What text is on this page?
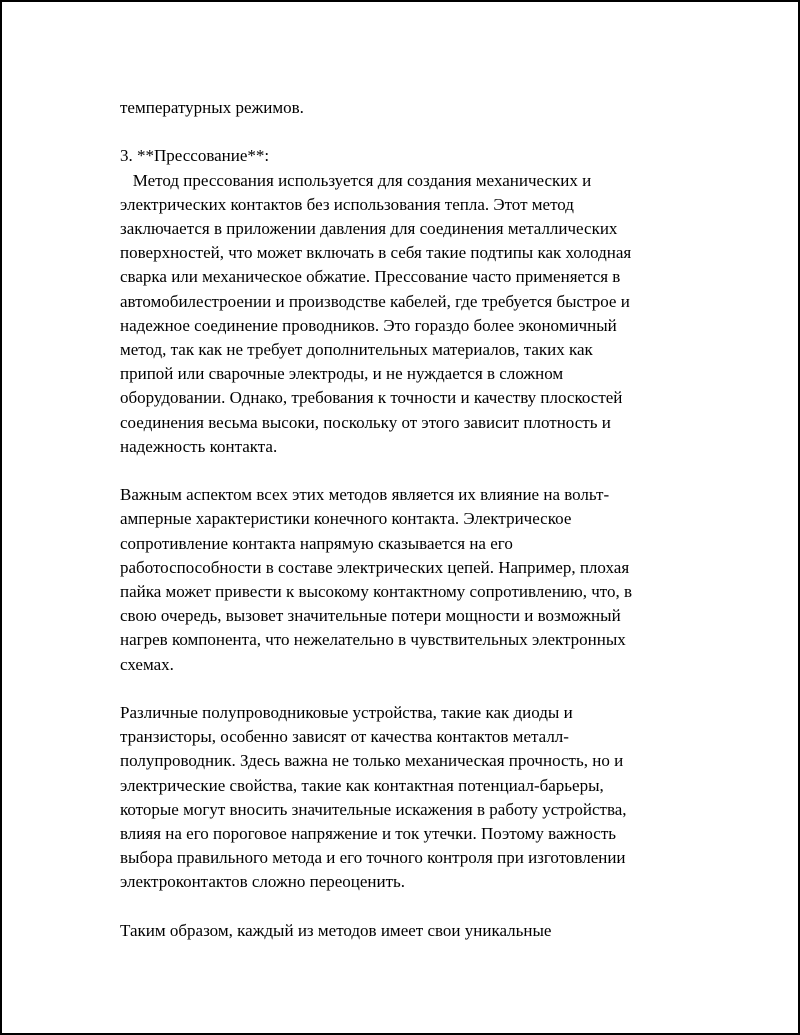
температурных режимов.
3. **Прессование**:
Метод прессования используется для создания механических и
электрических контактов без использования тепла. Этот метод
заключается в приложении давления для соединения металлических
поверхностей, что может включать в себя такие подтипы как холодная
сварка или механическое обжатие. Прессование часто применяется в
автомобилестроении и производстве кабелей, где требуется быстрое и
надежное соединение проводников. Это гораздо более экономичный
метод, так как не требует дополнительных материалов, таких как
припой или сварочные электроды, и не нуждается в сложном
оборудовании. Однако, требования к точности и качеству плоскостей
соединения весьма высоки, поскольку от этого зависит плотность и
надежность контакта.
Важным аспектом всех этих методов является их влияние на вольт-
амперные характеристики конечного контакта. Электрическое
сопротивление контакта напрямую сказывается на его
работоспособности в составе электрических цепей. Например, плохая
пайка может привести к высокому контактному сопротивлению, что, в
свою очередь, вызовет значительные потери мощности и возможный
нагрев компонента, что нежелательно в чувствительных электронных
схемах.
Различные полупроводниковые устройства, такие как диоды и
транзисторы, особенно зависят от качества контактов металл-
полупроводник. Здесь важна не только механическая прочность, но и
электрические свойства, такие как контактная потенциал-барьеры,
которые могут вносить значительные искажения в работу устройства,
влияя на его пороговое напряжение и ток утечки. Поэтому важность
выбора правильного метода и его точного контроля при изготовлении
электроконтактов сложно переоценить.
Таким образом, каждый из методов имеет свои уникальные
